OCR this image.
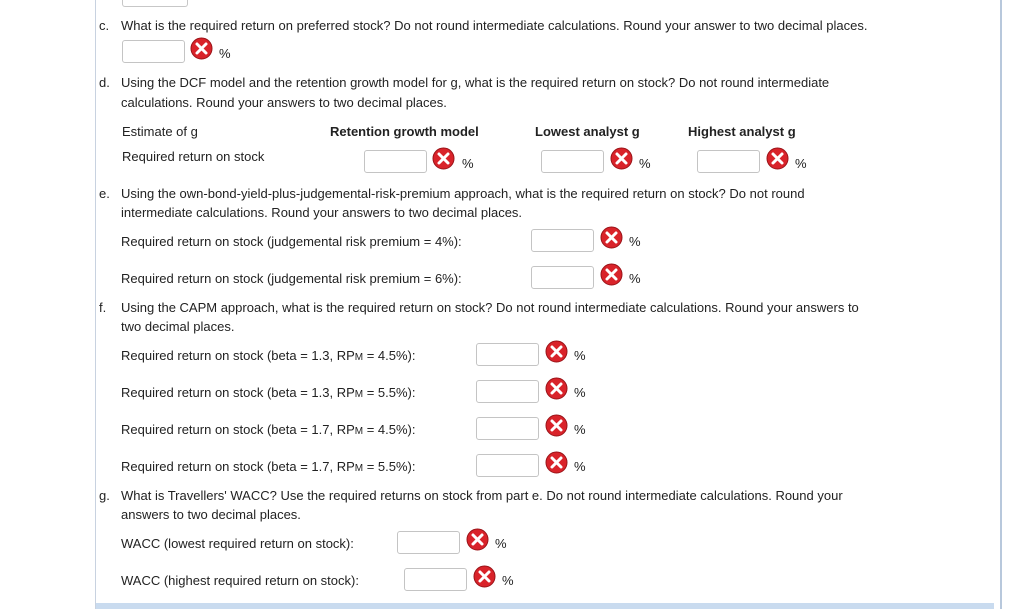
c. What is the required return on preferred stock? Do not round intermediate calculations. Round your answer to two decimal places.
%
d. Using the DCF model and the retention growth model for g, what is the required return on stock? Do not round intermediate
calculations. Round your answers to two decimal places.
Estimate of g	Retention growth model	Lowest analyst g	Highest analyst g
Required return on stock	%	%	%
e. Using the own-bond-yield-plus-judgemental-risk-premium approach, what is the required return on stock? Do not round
intermediate calculations. Round your answers to two decimal places.
Required return on stock (judgemental risk premium = 4%):	%
Required return on stock (judgemental risk premium = 6%):	%
f. Using the CAPM approach, what is the required return on stock? Do not round intermediate calculations. Round your answers to
two decimal places.
Required return on stock (beta = 1.3, RPM = 4.5%):	%
Required return on stock (beta = 1.3, RPM = 5.5%):	%
Required return on stock (beta = 1.7, RPM = 4.5%):	%
Required return on stock (beta = 1.7, RPM = 5.5%):	%
g. What is Travellers' WACC? Use the required returns on stock from part e. Do not round intermediate calculations. Round your
answers to two decimal places.
WACC (lowest required return on stock):	%
WACC (highest required return on stock):	%
